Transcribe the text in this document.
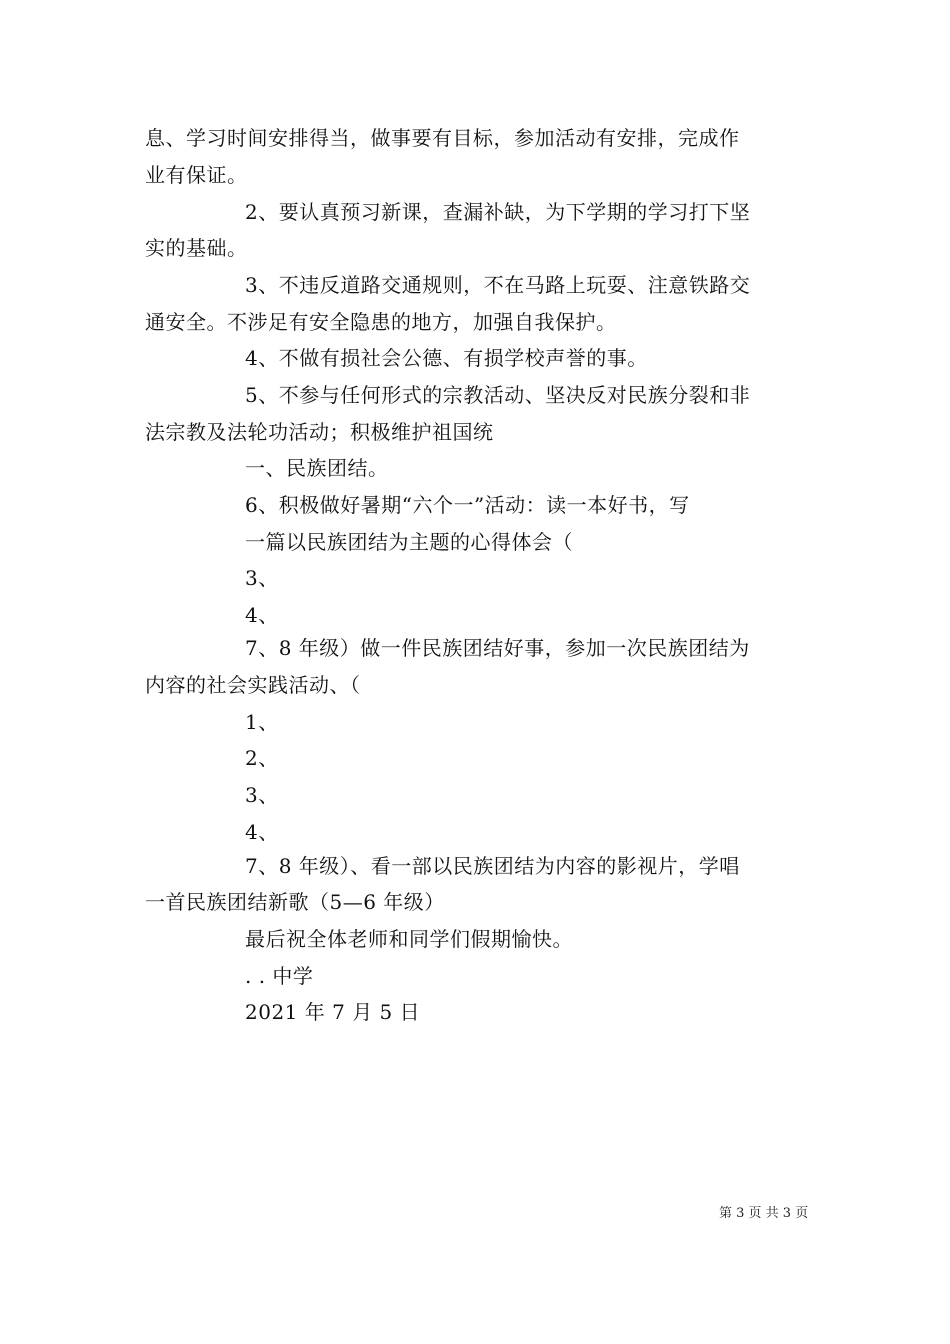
息、学习时间安排得当，做事要有目标，参加活动有安排，完成作
业有保证。
2、要认真预习新课，查漏补缺，为下学期的学习打下坚
实的基础。
3、不违反道路交通规则，不在马路上玩耍、注意铁路交
通安全。不涉足有安全隐患的地方，加强自我保护。
4、不做有损社会公德、有损学校声誉的事。
5、不参与任何形式的宗教活动、坚决反对民族分裂和非
法宗教及法轮功活动；积极维护祖国统
一、民族团结。
6、积极做好暑期“六个一”活动：读一本好书，写
一篇以民族团结为主题的心得体会（
3、
4、
7、8 年级）做一件民族团结好事，参加一次民族团结为
内容的社会实践活动、（
1、
2、
3、
4、
7、8 年级）、看一部以民族团结为内容的影视片，学唱
一首民族团结新歌（5—6 年级）
最后祝全体老师和同学们假期愉快。
. . 中学
2021 年 7 月 5 日
第 3 页 共 3 页
